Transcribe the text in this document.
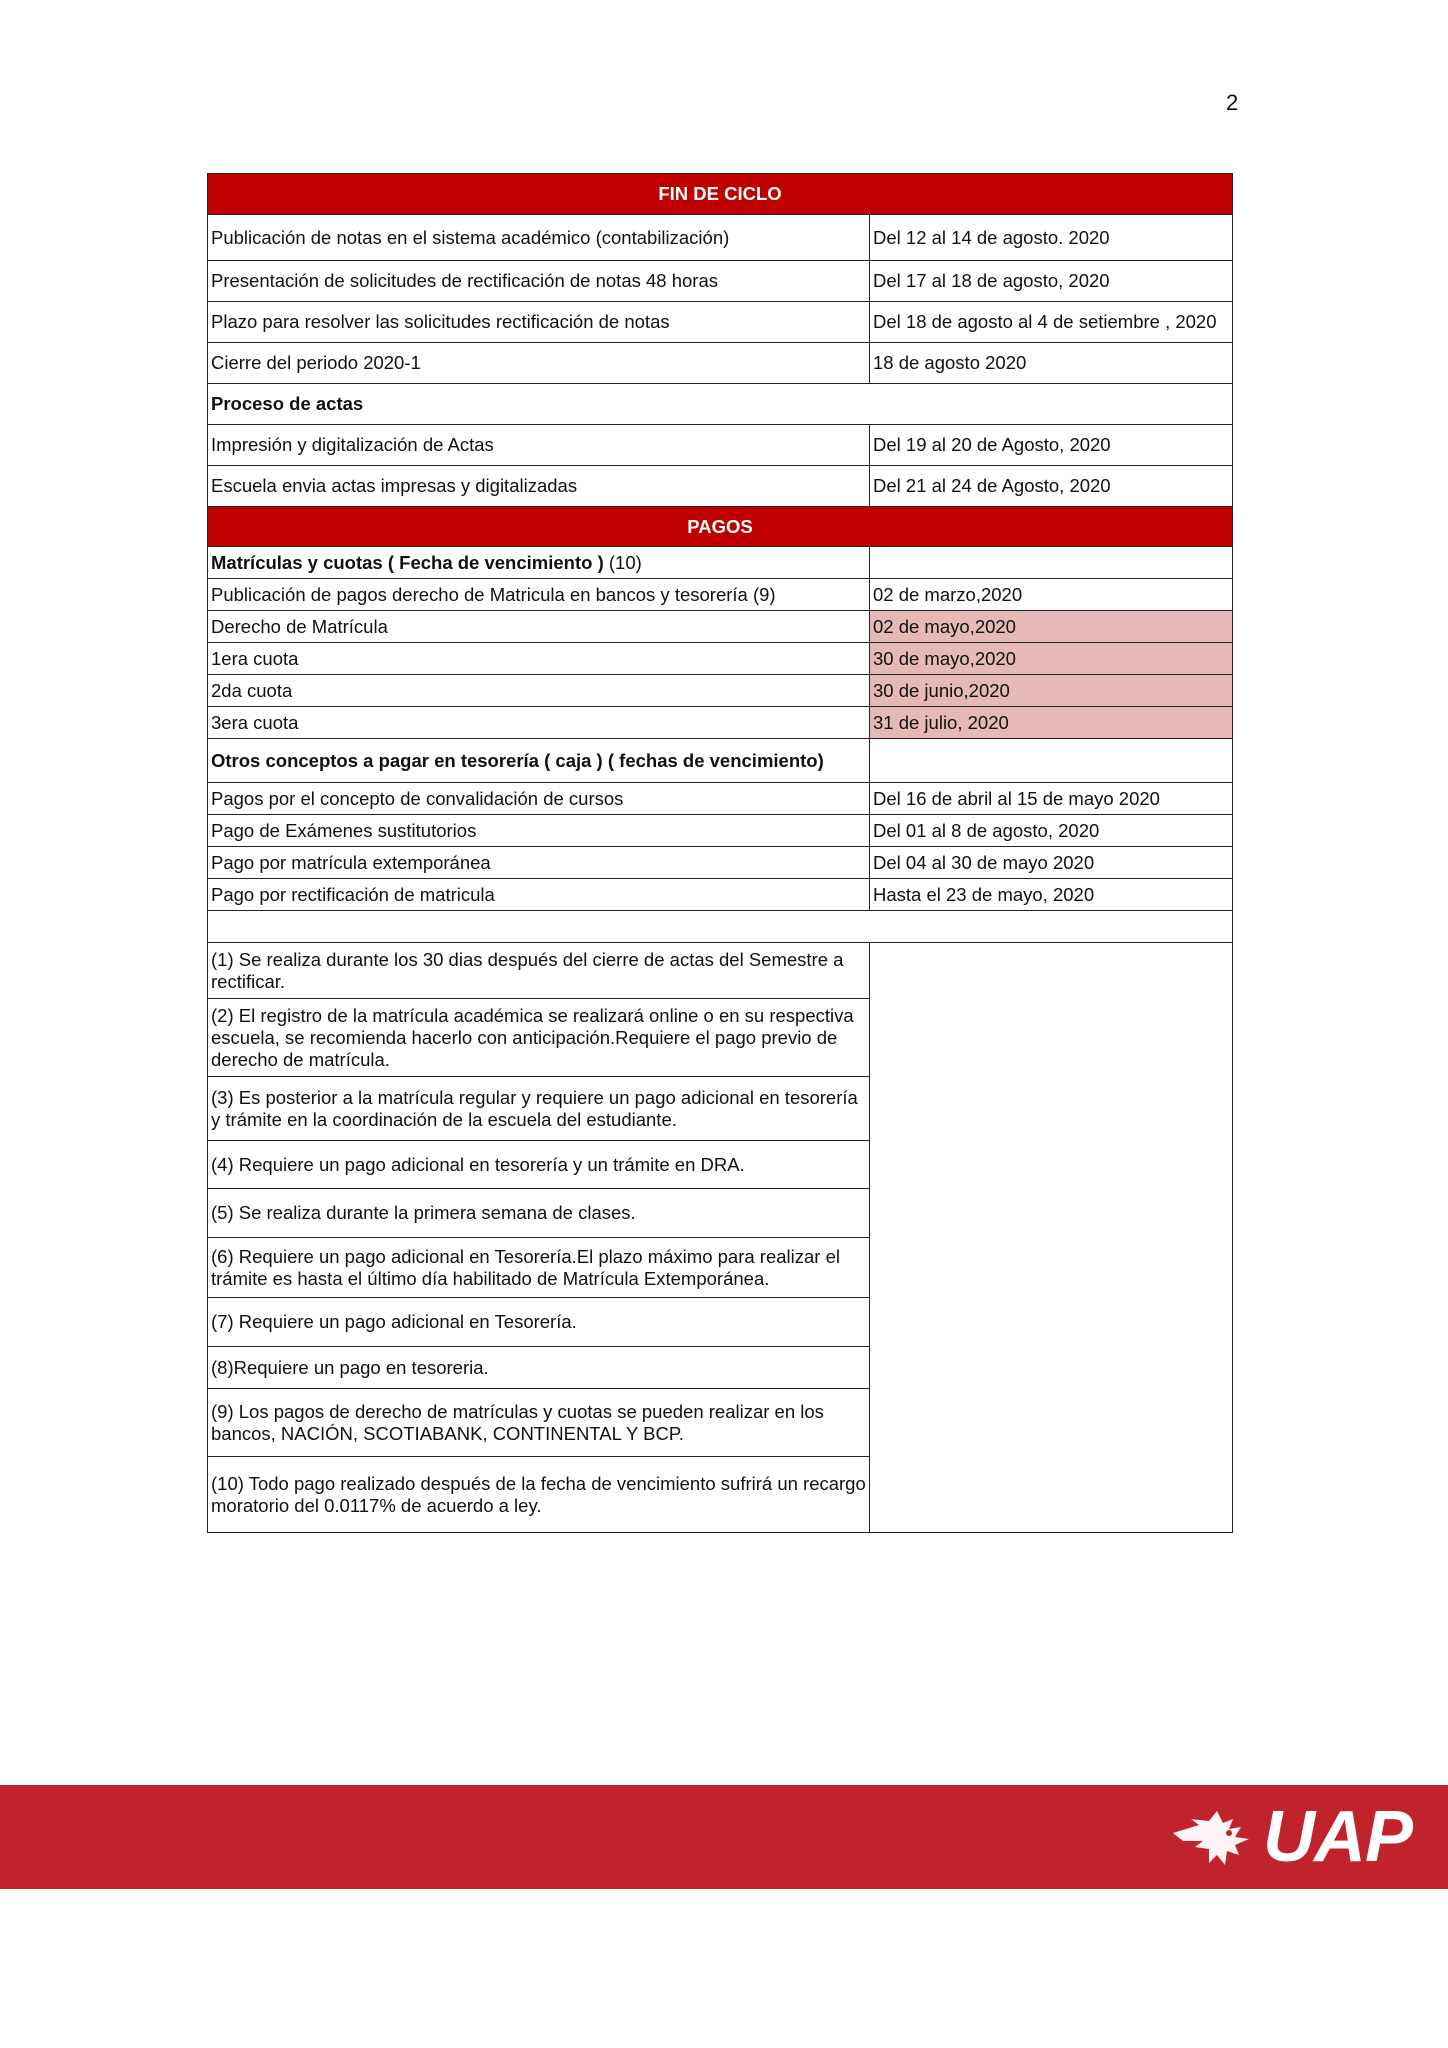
2
FIN DE CICLO	
Publicación de notas en el sistema académico (contabilización)	Del 12 al 14 de agosto. 2020
Presentación de solicitudes de rectificación de notas 48 horas	Del 17 al 18 de agosto, 2020
Plazo para resolver las solicitudes rectificación de notas	Del 18 de agosto al 4 de setiembre , 2020
Cierre del periodo 2020-1	18 de agosto 2020
Proceso de actas	
Impresión y digitalización de Actas	Del 19 al 20 de Agosto, 2020
Escuela envia actas impresas y digitalizadas	Del 21 al 24 de Agosto, 2020
PAGOS	
Matrículas y cuotas ( Fecha de vencimiento ) (10)	
Publicación de pagos derecho de Matricula en bancos y tesorería (9)	02 de marzo,2020
Derecho de Matrícula	02 de mayo,2020
1era cuota	30 de mayo,2020
2da cuota	30 de junio,2020
3era cuota	31 de julio, 2020
Otros conceptos a pagar en tesorería ( caja ) ( fechas de vencimiento)	
Pagos por el concepto de convalidación de cursos	Del 16 de abril al 15 de mayo 2020
Pago de Exámenes sustitutorios	Del 01 al 8 de agosto, 2020
Pago por matrícula extemporánea	Del 04 al 30 de mayo 2020
Pago por rectificación de matricula	Hasta el 23 de mayo, 2020

(1) Se realiza durante los 30 dias después del cierre de actas del Semestre a rectificar.	
(2) El registro de la matrícula académica se realizará online o en su respectiva escuela, se recomienda hacerlo con anticipación.Requiere el pago previo de derecho de matrícula.	
(3) Es posterior a la matrícula regular y requiere un pago adicional en tesorería y trámite en la coordinación de la escuela del estudiante.	
(4) Requiere un pago adicional en tesorería y un trámite en DRA.	
(5) Se realiza durante la primera semana de clases.	
(6) Requiere un pago adicional en Tesorería.El plazo máximo para realizar el trámite es hasta el último día habilitado de Matrícula Extemporánea.	
(7) Requiere un pago adicional en Tesorería.	
(8)Requiere un pago en tesoreria.	
(9) Los pagos de derecho de matrículas y cuotas se pueden realizar en los bancos, NACIÓN, SCOTIABANK, CONTINENTAL Y BCP.	
(10) Todo pago realizado después de la fecha de vencimiento sufrirá un recargo moratorio del 0.0117% de acuerdo a ley.	
UAP
